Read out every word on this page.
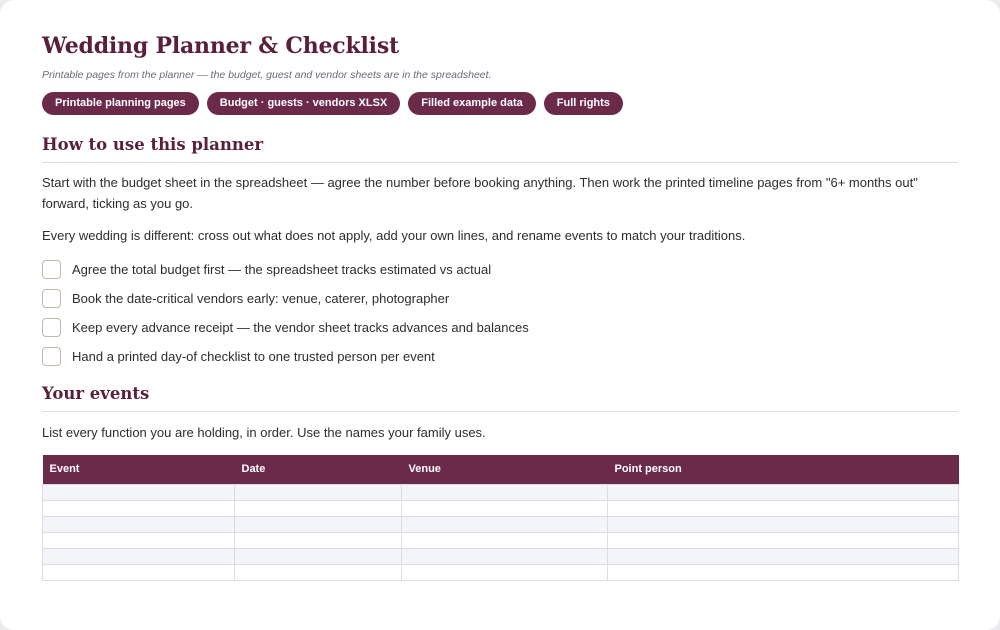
Wedding Planner & Checklist

Printable pages from the planner — the budget, guest and vendor sheets are in the spreadsheet.

Printable planning pages	Budget · guests · vendors XLSX	Filled example data	Full rights
How to use this planner

Start with the budget sheet in the spreadsheet — agree the number before booking anything. Then work the printed timeline pages from "6+ months out" forward, ticking as you go.

Every wedding is different: cross out what does not apply, add your own lines, and rename events to match your traditions.

Agree the total budget first — the spreadsheet tracks estimated vs actual
Book the date-critical vendors early: venue, caterer, photographer
Keep every advance receipt — the vendor sheet tracks advances and balances
Hand a printed day-of checklist to one trusted person per event
Your events

List every function you are holding, in order. Use the names your family uses.

Event	Date	Venue	Point person
